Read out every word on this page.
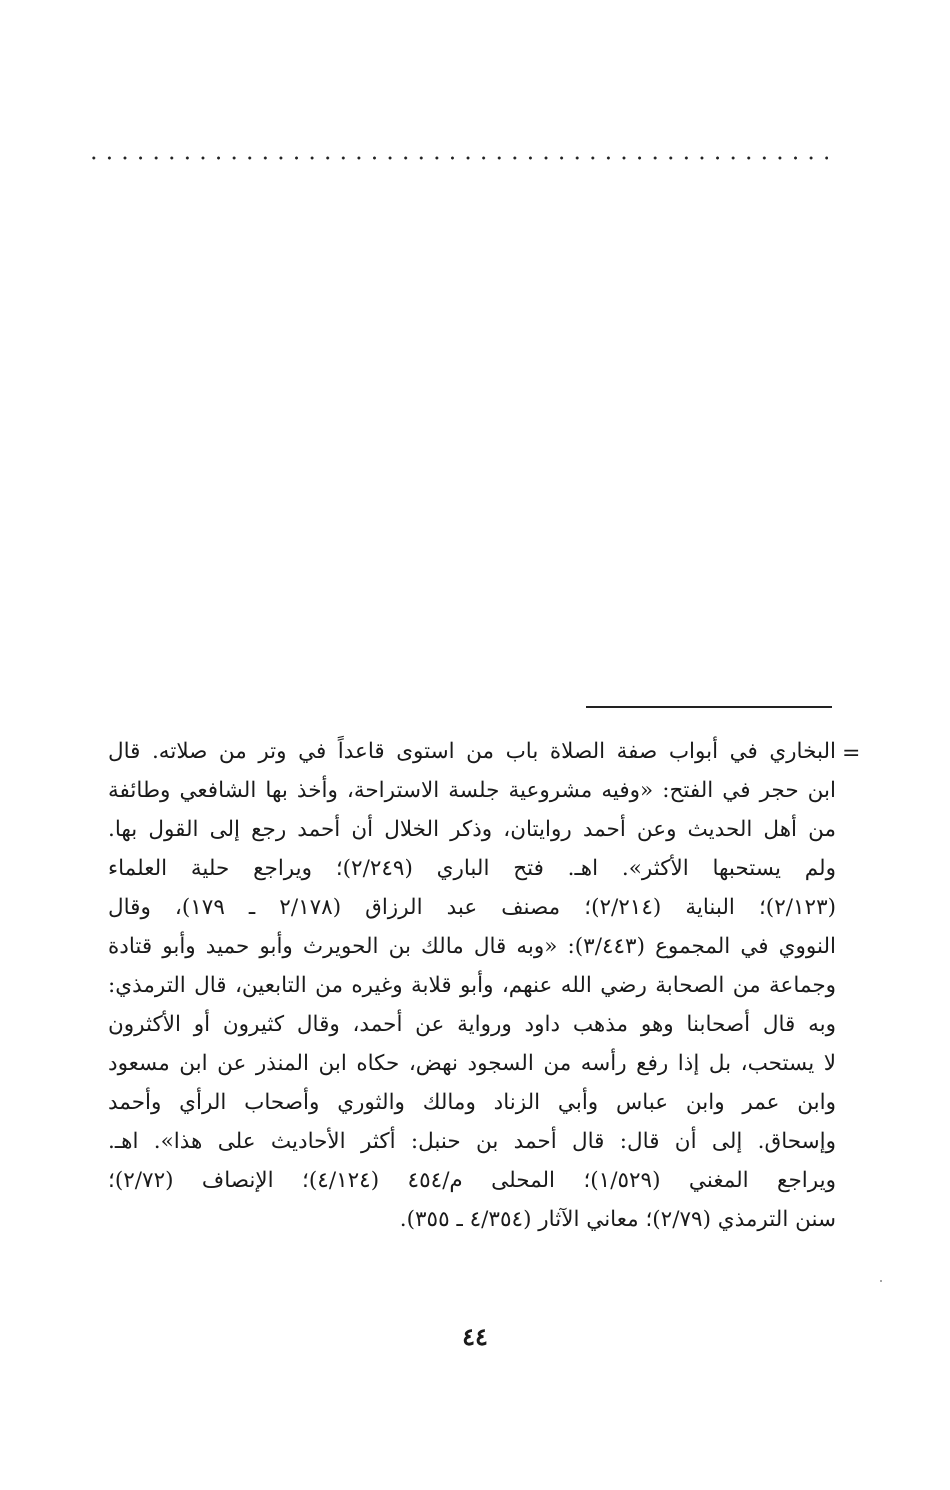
=
البخاري في أبواب صفة الصلاة باب من استوى قاعداً في وتر من صلاته. قال
ابن حجر في الفتح: «وفيه مشروعية جلسة الاستراحة، وأخذ بها الشافعي وطائفة
من أهل الحديث وعن أحمد روايتان، وذكر الخلال أن أحمد رجع إلى القول بها.
ولم يستحبها الأكثر». اهـ. فتح الباري (٢/٢٤٩)؛ ويراجع حلية العلماء
(٢/١٢٣)؛ البناية (٢/٢١٤)؛ مصنف عبد الرزاق (٢/١٧٨ ـ ١٧٩)، وقال
النووي في المجموع (٣/٤٤٣): «وبه قال مالك بن الحويرث وأبو حميد وأبو قتادة
وجماعة من الصحابة رضي الله عنهم، وأبو قلابة وغيره من التابعين، قال الترمذي:
وبه قال أصحابنا وهو مذهب داود ورواية عن أحمد، وقال كثيرون أو الأكثرون
لا يستحب، بل إذا رفع رأسه من السجود نهض، حكاه ابن المنذر عن ابن مسعود
وابن عمر وابن عباس وأبي الزناد ومالك والثوري وأصحاب الرأي وأحمد
وإسحاق. إلى أن قال: قال أحمد بن حنبل: أكثر الأحاديث على هذا». اهـ.
ويراجع المغني (١/٥٢٩)؛ المحلى م/٤٥٤ (٤/١٢٤)؛ الإنصاف (٢/٧٢)؛
سنن الترمذي (٢/٧٩)؛ معاني الآثار (٤/٣٥٤ ـ ٣٥٥).
٤٤
